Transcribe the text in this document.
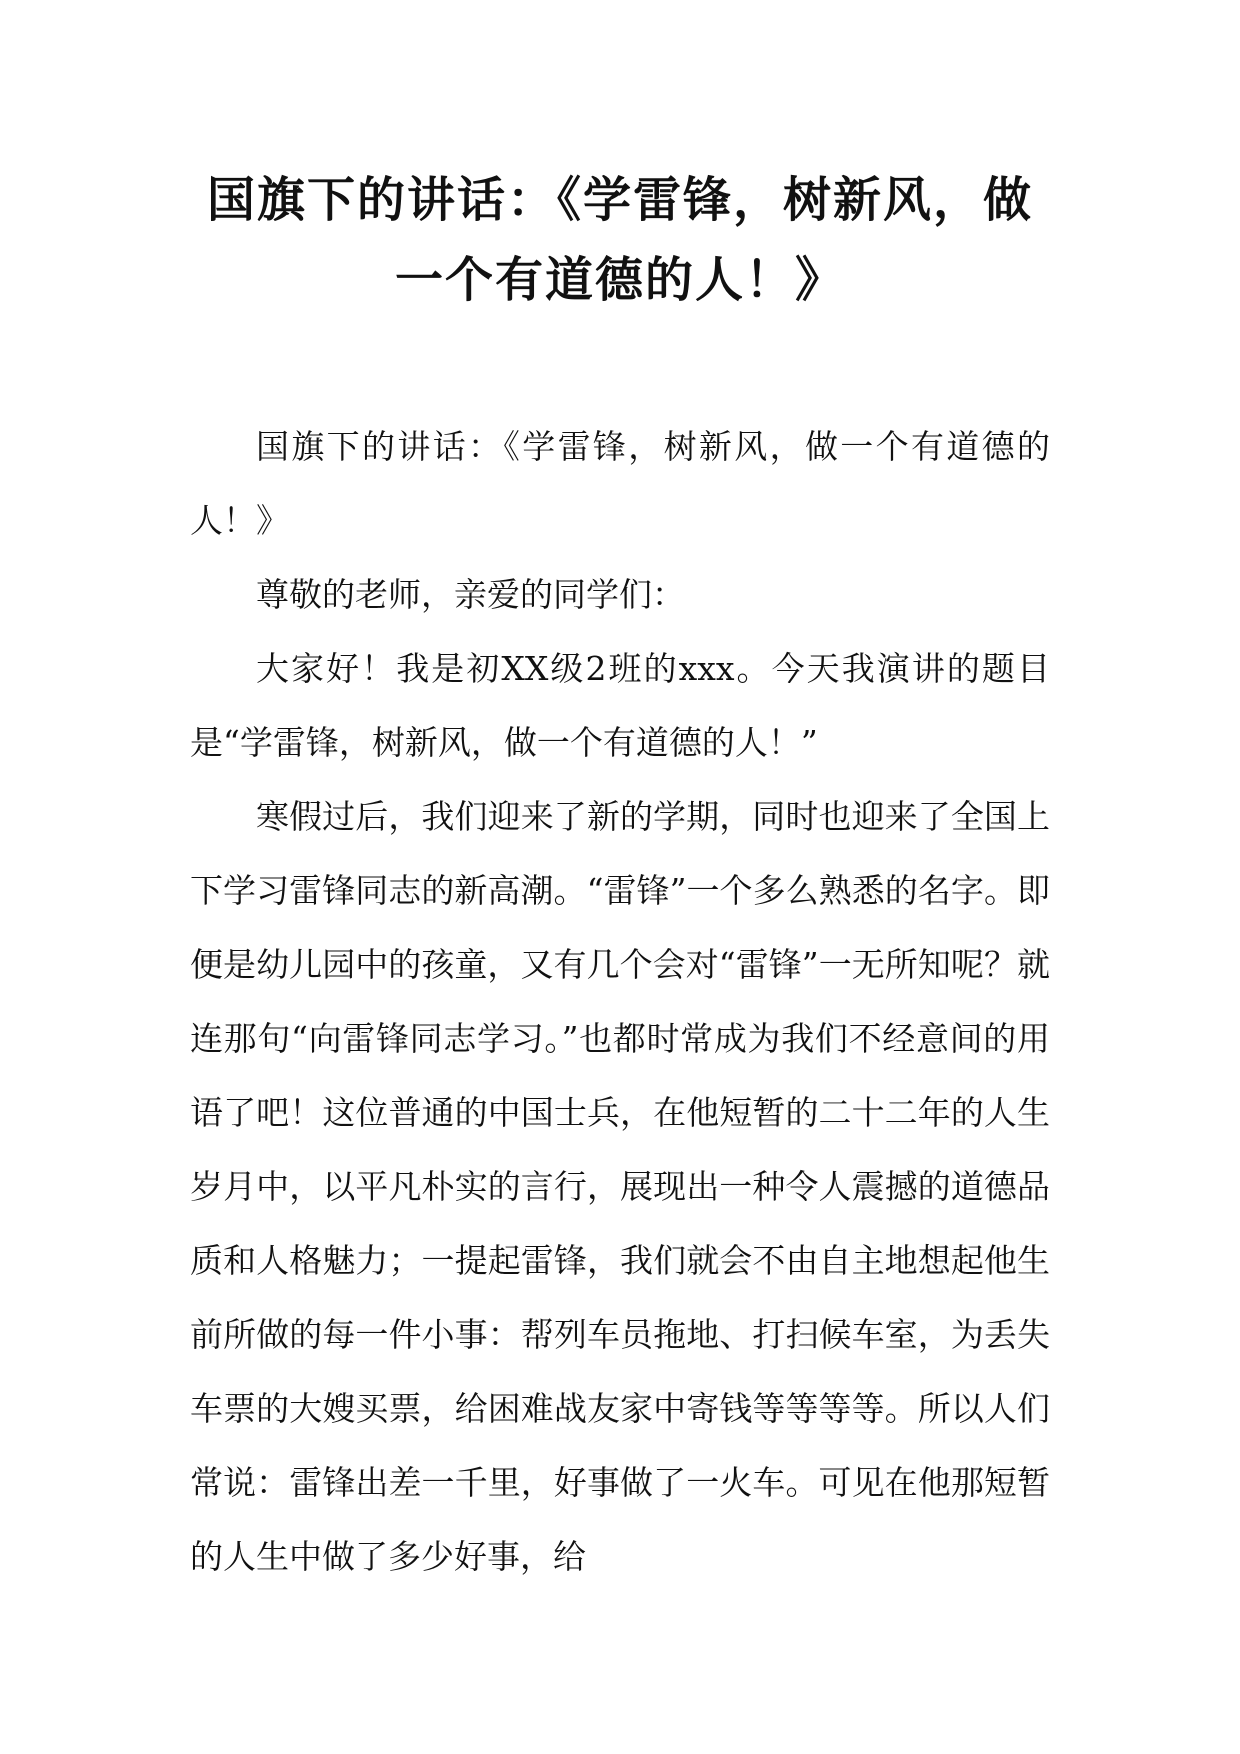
国旗下的讲话：《学雷锋，树新风，做

一个有道德的人！》

国旗下的讲话：《学雷锋，树新风，做一个有道德的人！》

尊敬的老师，亲爱的同学们：

大家好！我是初XX级2班的xxx。今天我演讲的题目是“学雷锋，树新风，做一个有道德的人！”

寒假过后，我们迎来了新的学期，同时也迎来了全国上下学习雷锋同志的新高潮。“雷锋”一个多么熟悉的名字。即便是幼儿园中的孩童，又有几个会对“雷锋”一无所知呢？就连那句“向雷锋同志学习。”也都时常成为我们不经意间的用语了吧！这位普通的中国士兵，在他短暂的二十二年的人生岁月中，以平凡朴实的言行，展现出一种令人震撼的道德品质和人格魅力；一提起雷锋，我们就会不由自主地想起他生前所做的每一件小事：帮列车员拖地、打扫候车室，为丢失车票的大嫂买票，给困难战友家中寄钱等等等等。所以人们常说：雷锋出差一千里，好事做了一火车。可见在他那短暂的人生中做了多少好事，给
